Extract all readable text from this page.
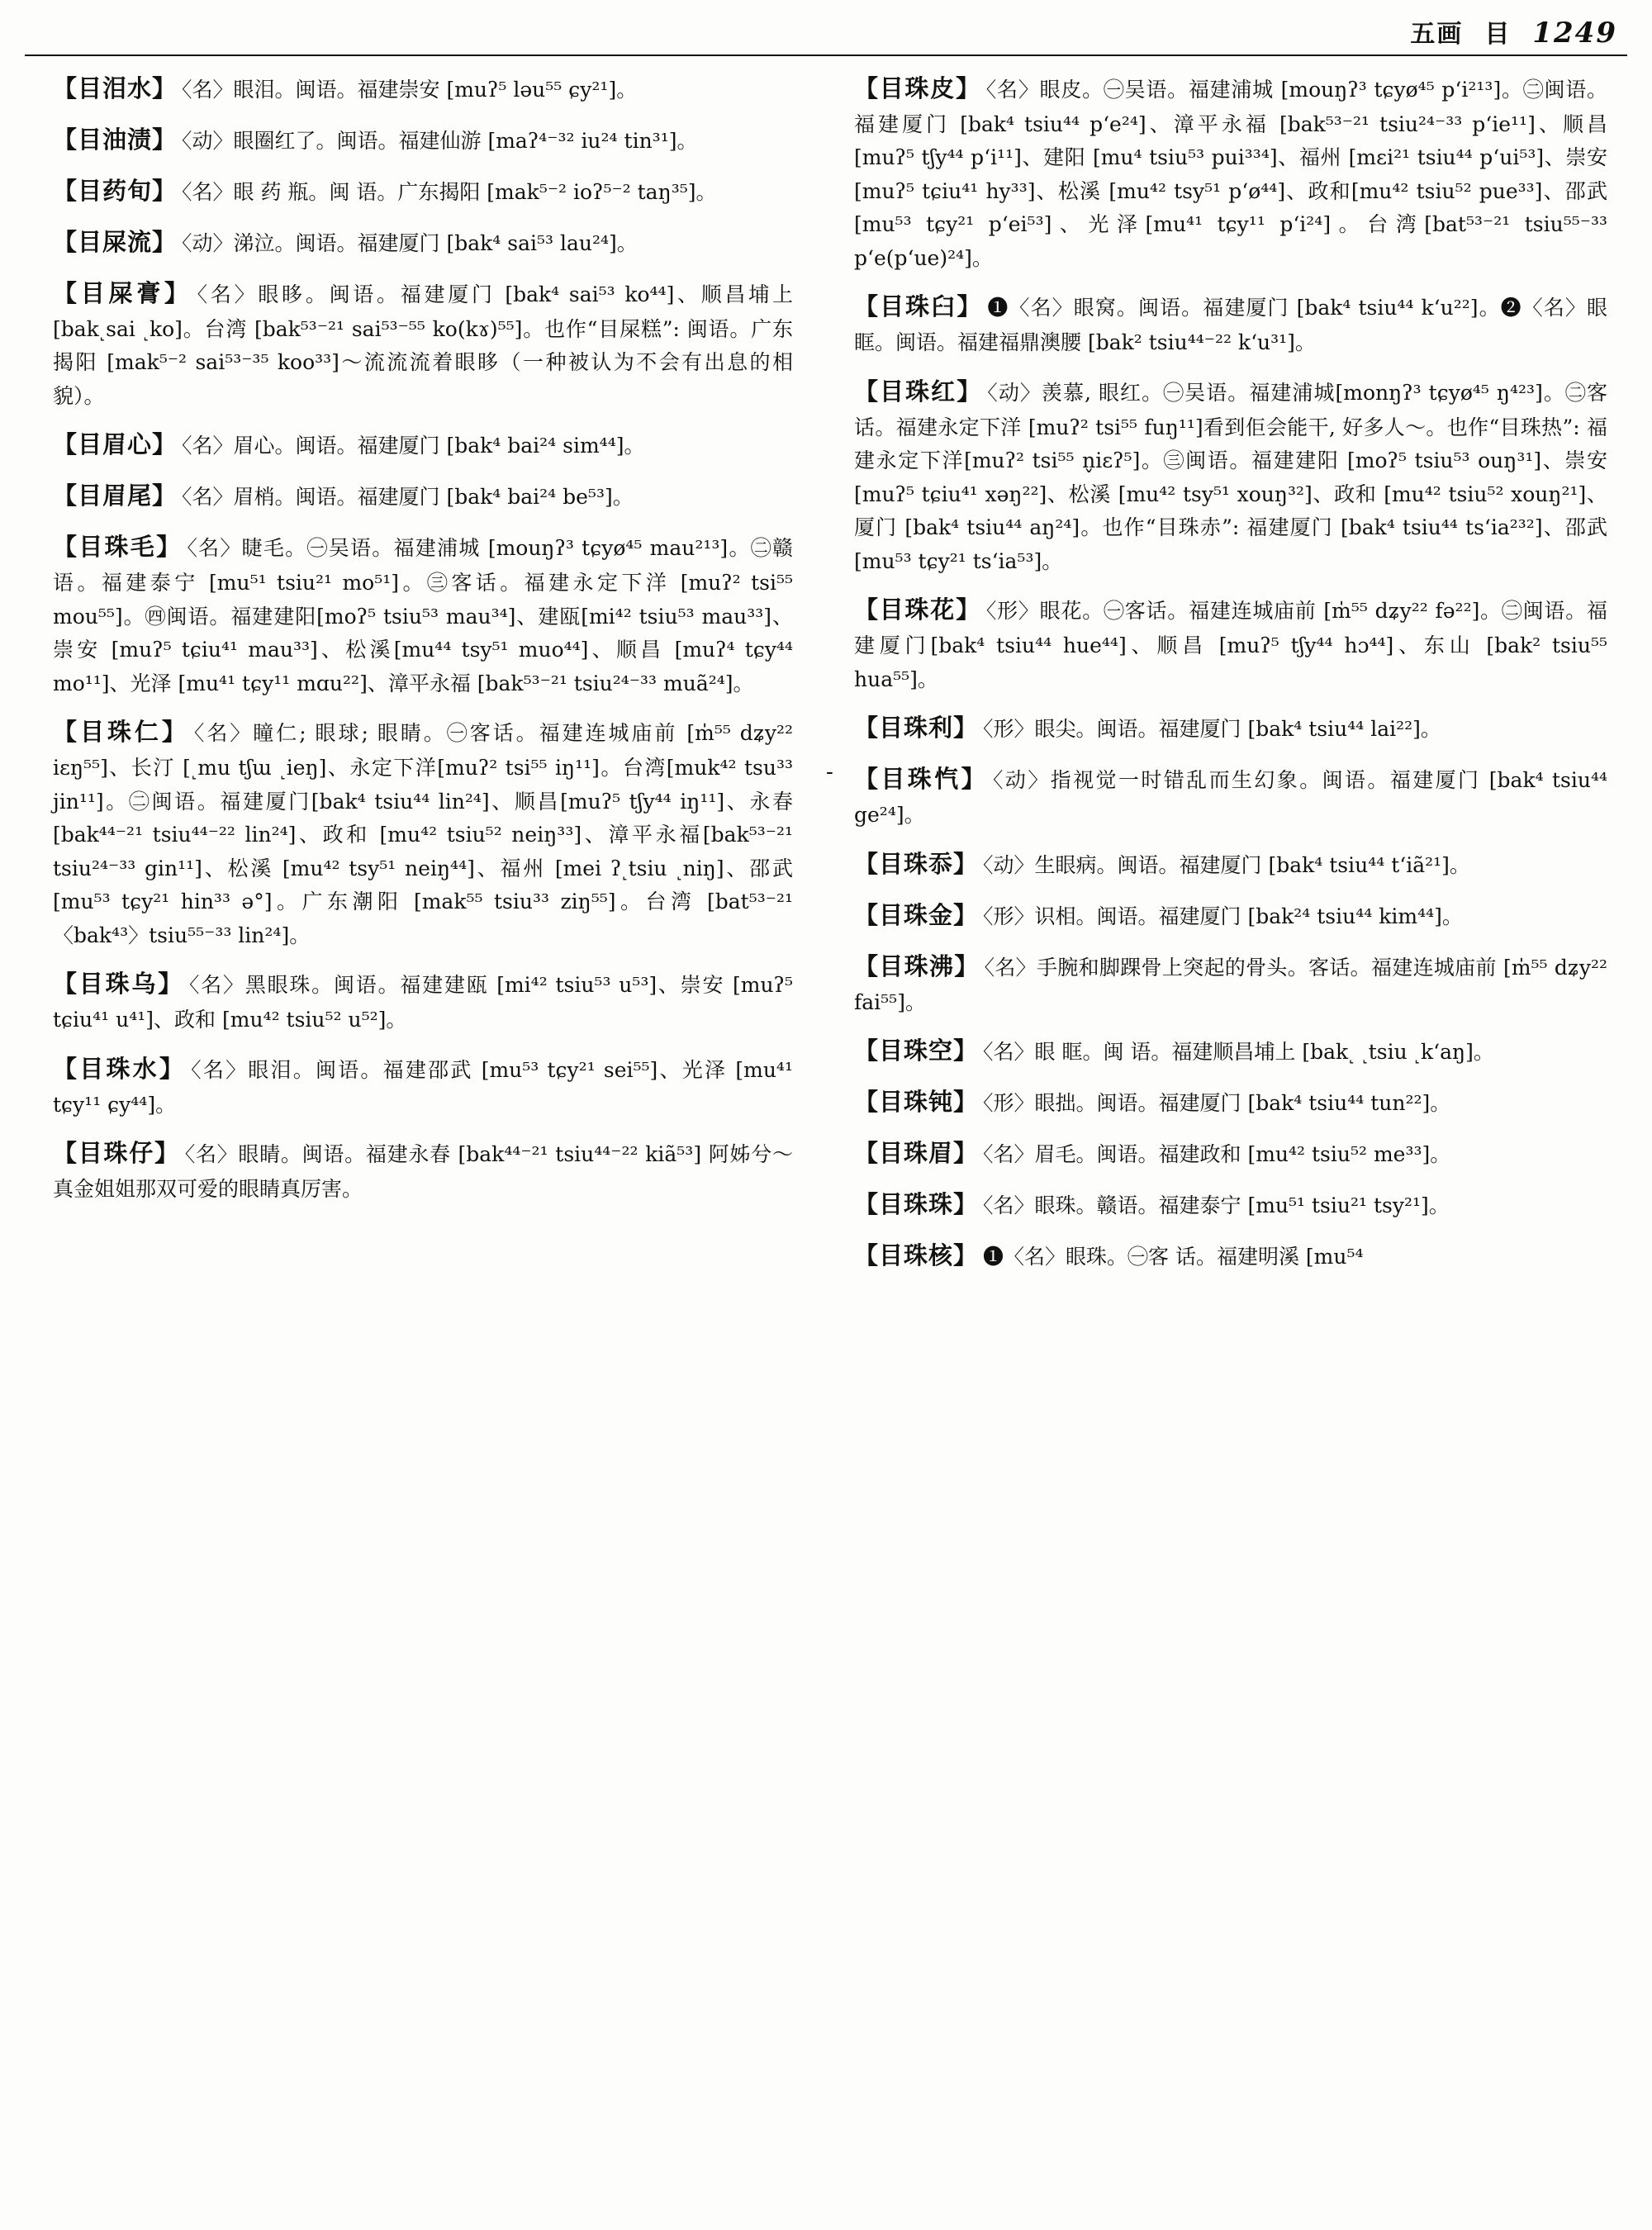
五画 目 1249
-
【目泪水】 〈名〉眼泪。闽语。福建崇安 [muʔ⁵ ləu⁵⁵ ɕy²¹]。
【目油渍】 〈动〉眼圈红了。闽语。福建仙游 [maʔ⁴⁻³² iu²⁴ tin³¹]。
【目药旬】 〈名〉眼 药 瓶。闽 语。广东揭阳 [mak⁵⁻² ioʔ⁵⁻² taŋ³⁵]。
【目屎流】 〈动〉涕泣。闽语。福建厦门 [bak⁴ sai⁵³ lau²⁴]。
【目屎膏】 〈名〉眼眵。闽语。福建厦门 [bak⁴ sai⁵³ ko⁴⁴]、顺昌埔上 [bak˻sai ˻ko]。台湾 [bak⁵³⁻²¹ sai⁵³⁻⁵⁵ ko(kɤ)⁵⁵]。也作“目屎糕”: 闽语。广东揭阳 [mak⁵⁻² sai⁵³⁻³⁵ koo³³]～流流流着眼眵（一种被认为不会有出息的相貌）。
【目眉心】 〈名〉眉心。闽语。福建厦门 [bak⁴ bai²⁴ sim⁴⁴]。
【目眉尾】 〈名〉眉梢。闽语。福建厦门 [bak⁴ bai²⁴ be⁵³]。
【目珠毛】 〈名〉睫毛。㊀吴语。福建浦城 [mouŋʔ³ tɕyø⁴⁵ mau²¹³]。㊁赣语。福建泰宁 [mu⁵¹ tsiu²¹ mo⁵¹]。㊂客话。福建永定下洋 [muʔ² tsi⁵⁵ mou⁵⁵]。㊃闽语。福建建阳[moʔ⁵ tsiu⁵³ mau³⁴]、建瓯[mi⁴² tsiu⁵³ mau³³]、崇安 [muʔ⁵ tɕiu⁴¹ mau³³]、松溪[mu⁴⁴ tsy⁵¹ muo⁴⁴]、顺昌 [muʔ⁴ tɕy⁴⁴ mo¹¹]、光泽 [mu⁴¹ tɕy¹¹ mɑu²²]、漳平永福 [bak⁵³⁻²¹ tsiu²⁴⁻³³ muã²⁴]。
【目珠仁】 〈名〉瞳仁; 眼球; 眼睛。㊀客话。福建连城庙前 [m̍⁵⁵ dʑy²² iɛŋ⁵⁵]、长汀 [˻mu tʃɯ ˻ieŋ]、永定下洋[muʔ² tsi⁵⁵ iŋ¹¹]。台湾[muk⁴² tsu³³ jin¹¹]。㊁闽语。福建厦门[bak⁴ tsiu⁴⁴ lin²⁴]、顺昌[muʔ⁵ tʃy⁴⁴ iŋ¹¹]、永春 [bak⁴⁴⁻²¹ tsiu⁴⁴⁻²² lin²⁴]、政和 [mu⁴² tsiu⁵² neiŋ³³]、漳平永福[bak⁵³⁻²¹ tsiu²⁴⁻³³ gin¹¹]、松溪 [mu⁴² tsy⁵¹ neiŋ⁴⁴]、福州 [mei ʔ˻tsiu ˻niŋ]、邵武[mu⁵³ tɕy²¹ hin³³ ə°]。广东潮阳 [mak⁵⁵ tsiu³³ ziŋ⁵⁵]。台湾 [bat⁵³⁻²¹〈bak⁴³〉tsiu⁵⁵⁻³³ lin²⁴]。
【目珠乌】 〈名〉黑眼珠。闽语。福建建瓯 [mi⁴² tsiu⁵³ u⁵³]、崇安 [muʔ⁵ tɕiu⁴¹ u⁴¹]、政和 [mu⁴² tsiu⁵² u⁵²]。
【目珠水】 〈名〉眼泪。闽语。福建邵武 [mu⁵³ tɕy²¹ sei⁵⁵]、光泽 [mu⁴¹ tɕy¹¹ ɕy⁴⁴]。
【目珠仔】 〈名〉眼睛。闽语。福建永春 [bak⁴⁴⁻²¹ tsiu⁴⁴⁻²² kiã⁵³] 阿姊兮～真金姐姐那双可爱的眼睛真厉害。
【目珠皮】 〈名〉眼皮。㊀吴语。福建浦城 [mouŋʔ³ tɕyø⁴⁵ pʻi²¹³]。㊁闽语。福建厦门 [bak⁴ tsiu⁴⁴ pʻe²⁴]、漳平永福 [bak⁵³⁻²¹ tsiu²⁴⁻³³ pʻie¹¹]、顺昌 [muʔ⁵ tʃy⁴⁴ pʻi¹¹]、建阳 [mu⁴ tsiu⁵³ pui³³⁴]、福州 [mɛi²¹ tsiu⁴⁴ pʻui⁵³]、崇安 [muʔ⁵ tɕiu⁴¹ hy³³]、松溪 [mu⁴² tsy⁵¹ pʻø⁴⁴]、政和[mu⁴² tsiu⁵² pue³³]、邵武 [mu⁵³ tɕy²¹ pʻei⁵³]、光泽[mu⁴¹ tɕy¹¹ pʻi²⁴]。台湾[bat⁵³⁻²¹ tsiu⁵⁵⁻³³ pʻe(pʻue)²⁴]。
【目珠臼】 ❶〈名〉眼窝。闽语。福建厦门 [bak⁴ tsiu⁴⁴ kʻu²²]。❷〈名〉眼眶。闽语。福建福鼎澳腰 [bak² tsiu⁴⁴⁻²² kʻu³¹]。
【目珠红】 〈动〉羡慕, 眼红。㊀吴语。福建浦城[monŋʔ³ tɕyø⁴⁵ ŋ⁴²³]。㊁客话。福建永定下洋 [muʔ² tsi⁵⁵ fuŋ¹¹]看到佢会能干, 好多人～。也作“目珠热”: 福建永定下洋[muʔ² tsi⁵⁵ n̬iɛʔ⁵]。㊂闽语。福建建阳 [moʔ⁵ tsiu⁵³ ouŋ³¹]、崇安 [muʔ⁵ tɕiu⁴¹ xəŋ²²]、松溪 [mu⁴² tsy⁵¹ xouŋ³²]、政和 [mu⁴² tsiu⁵² xouŋ²¹]、厦门 [bak⁴ tsiu⁴⁴ aŋ²⁴]。也作“目珠赤”: 福建厦门 [bak⁴ tsiu⁴⁴ tsʻia²³²]、邵武[mu⁵³ tɕy²¹ tsʻia⁵³]。
【目珠花】 〈形〉眼花。㊀客话。福建连城庙前 [m̍⁵⁵ dʑy²² fə²²]。㊁闽语。福建厦门[bak⁴ tsiu⁴⁴ hue⁴⁴]、顺昌 [muʔ⁵ tʃy⁴⁴ hɔ⁴⁴]、东山 [bak² tsiu⁵⁵ hua⁵⁵]。
【目珠利】 〈形〉眼尖。闽语。福建厦门 [bak⁴ tsiu⁴⁴ lai²²]。
【目珠忾】 〈动〉指视觉一时错乱而生幻象。闽语。福建厦门 [bak⁴ tsiu⁴⁴ ge²⁴]。
【目珠忝】 〈动〉生眼病。闽语。福建厦门 [bak⁴ tsiu⁴⁴ tʻiã²¹]。
【目珠金】 〈形〉识相。闽语。福建厦门 [bak²⁴ tsiu⁴⁴ kim⁴⁴]。
【目珠沸】 〈名〉手腕和脚踝骨上突起的骨头。客话。福建连城庙前 [m̍⁵⁵ dʑy²² fai⁵⁵]。
【目珠空】 〈名〉眼 眶。闽 语。福建顺昌埔上 [bak˻ ˻tsiu ˻kʻaŋ]。
【目珠钝】 〈形〉眼拙。闽语。福建厦门 [bak⁴ tsiu⁴⁴ tun²²]。
【目珠眉】 〈名〉眉毛。闽语。福建政和 [mu⁴² tsiu⁵² me³³]。
【目珠珠】 〈名〉眼珠。赣语。福建泰宁 [mu⁵¹ tsiu²¹ tsy²¹]。
【目珠核】 ❶〈名〉眼珠。㊀客 话。福建明溪 [mu⁵⁴
